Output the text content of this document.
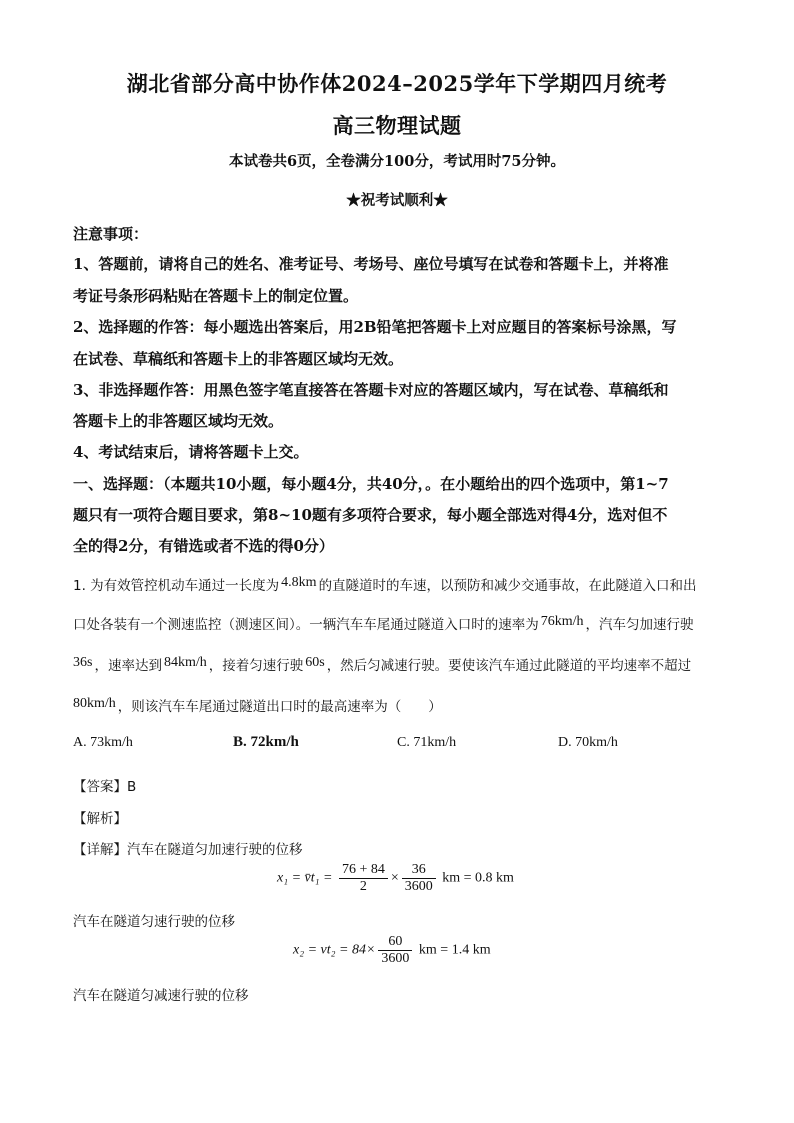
湖北省部分高中协作体2024–2025学年下学期四月统考
高三物理试题
本试卷共6页，全卷满分100分，考试用时75分钟。
★祝考试顺利★
注意事项：
1、答题前，请将自己的姓名、准考证号、考场号、座位号填写在试卷和答题卡上，并将准
考证号条形码粘贴在答题卡上的制定位置。
2、选择题的作答：每小题选出答案后，用2B铅笔把答题卡上对应题目的答案标号涂黑，写
在试卷、草稿纸和答题卡上的非答题区域均无效。
3、非选择题作答：用黑色签字笔直接答在答题卡对应的答题区域内，写在试卷、草稿纸和
答题卡上的非答题区域均无效。
4、考试结束后，请将答题卡上交。
一、选择题：（本题共10小题，每小题4分，共40分，。在小题给出的四个选项中，第1~7
题只有一项符合题目要求，第8~10题有多项符合要求，每小题全部选对得4分，选对但不
全的得2分，有错选或者不选的得0分）
1. 为有效管控机动车通过一长度为 4.8km 的直隧道时的车速，以预防和减少交通事故，在此隧道入口和出
口处各装有一个测速监控（测速区间）。一辆汽车车尾通过隧道入口时的速率为 76km/h ，汽车匀加速行驶
36s ，速率达到 84km/h ，接着匀速行驶 60s ，然后匀减速行驶。要使该汽车通过此隧道的平均速率不超过
80km/h ，则该汽车车尾通过隧道出口时的最高速率为（　　）
A. 73km/h	B. 72km/h	C. 71km/h	D. 70km/h
【答案】B
【解析】
【详解】汽车在隧道匀加速行驶的位移
x₁ = v̄t₁ = $\frac{76 + 84}{2} \times \frac{36}{3600}$ km = 0.8 km
汽车在隧道匀速行驶的位移
$x_2 = vt_2 = 84\times \frac{60}{3600}$ km = 1.4 km
汽车在隧道匀减速行驶的位移
